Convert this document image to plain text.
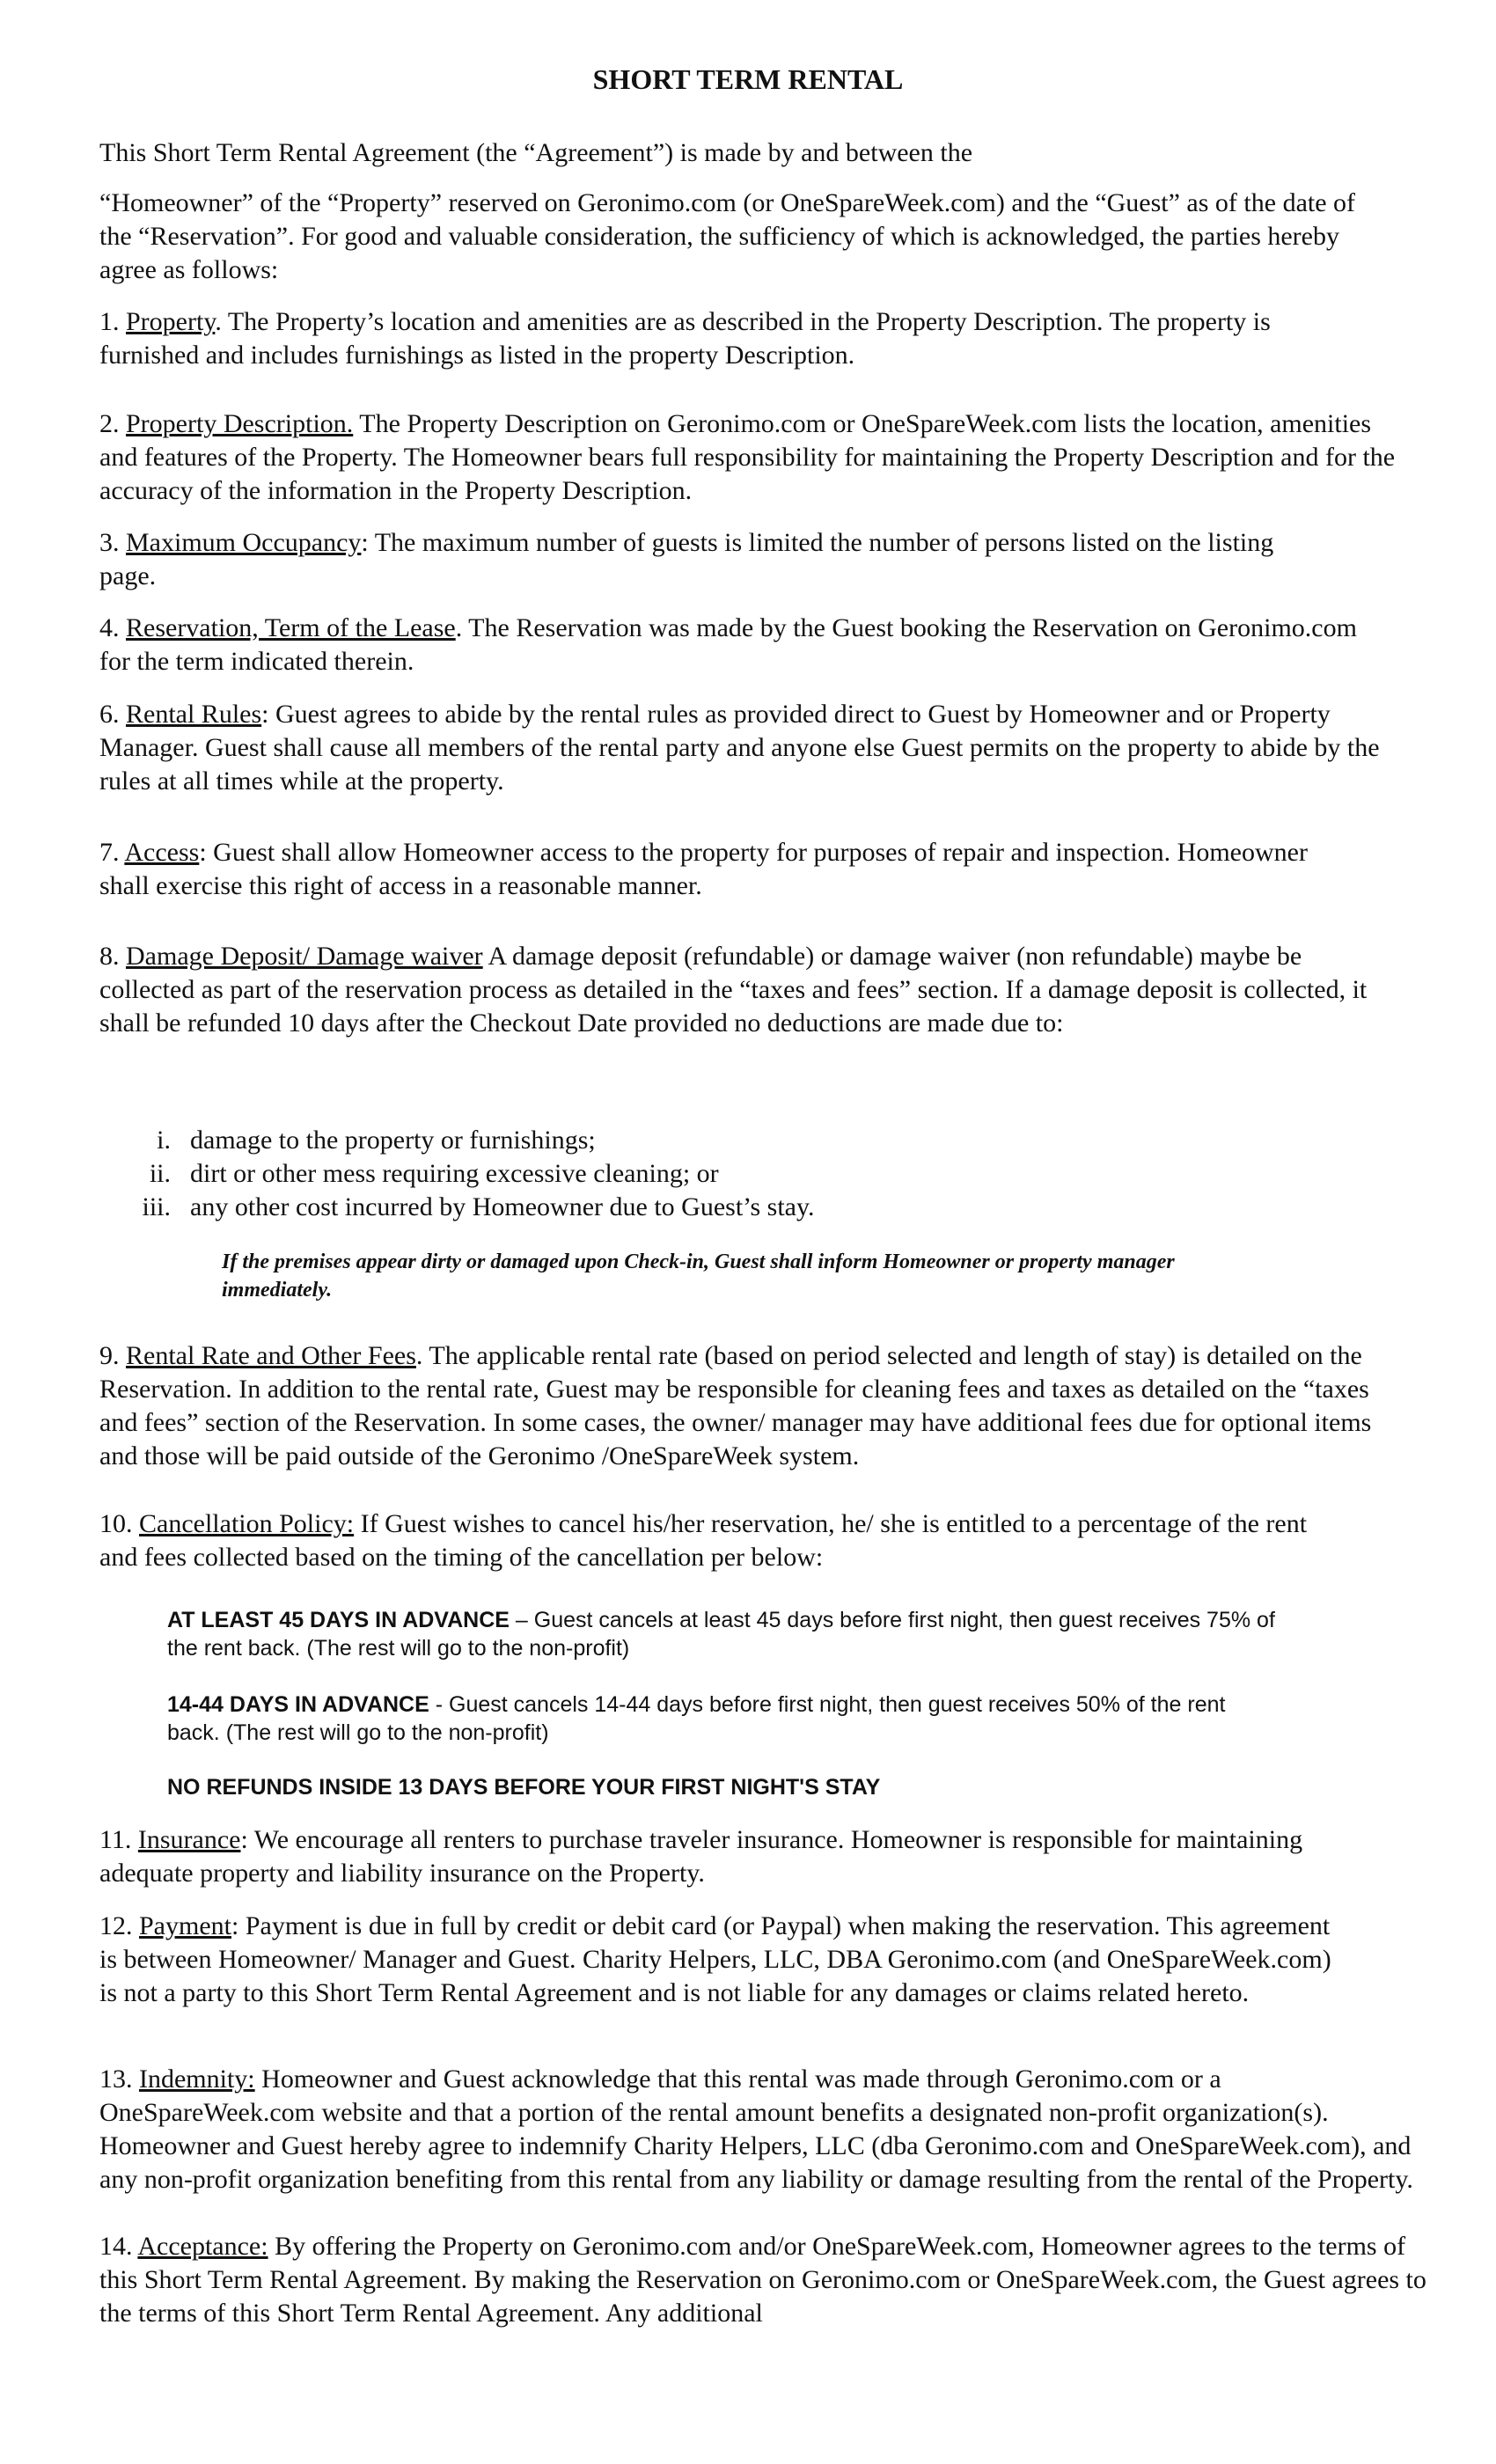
SHORT TERM RENTAL

This Short Term Rental Agreement (the “Agreement”) is made by and between the

“Homeowner” of the “Property” reserved on Geronimo.com (or OneSpareWeek.com) and the “Guest” as of the date of the “Reservation”. For good and valuable consideration, the sufficiency of which is acknowledged, the parties hereby agree as follows:

1. Property. The Property’s location and amenities are as described in the Property Description. The property is furnished and includes furnishings as listed in the property Description.
2. Property Description. The Property Description on Geronimo.com or OneSpareWeek.com lists the location, amenities and features of the Property. The Homeowner bears full responsibility for maintaining the Property Description and for the accuracy of the information in the Property Description.
3. Maximum Occupancy: The maximum number of guests is limited the number of persons listed on the listing page.
4. Reservation, Term of the Lease. The Reservation was made by the Guest booking the Reservation on Geronimo.com for the term indicated therein.
6. Rental Rules: Guest agrees to abide by the rental rules as provided direct to Guest by Homeowner and or Property Manager. Guest shall cause all members of the rental party and anyone else Guest permits on the property to abide by the rules at all times while at the property.
7. Access: Guest shall allow Homeowner access to the property for purposes of repair and inspection. Homeowner shall exercise this right of access in a reasonable manner.
8. Damage Deposit/ Damage waiver A damage deposit (refundable) or damage waiver (non refundable) maybe be collected as part of the reservation process as detailed in the “taxes and fees” section. If a damage deposit is collected, it shall be refunded 10 days after the Checkout Date provided no deductions are made due to:
i. damage to the property or furnishings;
ii. dirt or other mess requiring excessive cleaning; or
iii. any other cost incurred by Homeowner due to Guest’s stay.

If the premises appear dirty or damaged upon Check-in, Guest shall inform Homeowner or property manager immediately.

9. Rental Rate and Other Fees. The applicable rental rate (based on period selected and length of stay) is detailed on the Reservation. In addition to the rental rate, Guest may be responsible for cleaning fees and taxes as detailed on the “taxes and fees” section of the Reservation. In some cases, the owner/ manager may have additional fees due for optional items and those will be paid outside of the Geronimo /OneSpareWeek system.
10. Cancellation Policy: If Guest wishes to cancel his/her reservation, he/ she is entitled to a percentage of the rent and fees collected based on the timing of the cancellation per below:

AT LEAST 45 DAYS IN ADVANCE – Guest cancels at least 45 days before first night, then guest receives 75% of the rent back. (The rest will go to the non-profit)

14-44 DAYS IN ADVANCE - Guest cancels 14-44 days before first night, then guest receives 50% of the rent back. (The rest will go to the non-profit)

NO REFUNDS INSIDE 13 DAYS BEFORE YOUR FIRST NIGHT'S STAY

11. Insurance: We encourage all renters to purchase traveler insurance. Homeowner is responsible for maintaining adequate property and liability insurance on the Property.
12. Payment: Payment is due in full by credit or debit card (or Paypal) when making the reservation. This agreement is between Homeowner/ Manager and Guest. Charity Helpers, LLC, DBA Geronimo.com (and OneSpareWeek.com) is not a party to this Short Term Rental Agreement and is not liable for any damages or claims related hereto.
13. Indemnity: Homeowner and Guest acknowledge that this rental was made through Geronimo.com or a OneSpareWeek.com website and that a portion of the rental amount benefits a designated non-profit organization(s). Homeowner and Guest hereby agree to indemnify Charity Helpers, LLC (dba Geronimo.com and OneSpareWeek.com), and any non-profit organization benefiting from this rental from any liability or damage resulting from the rental of the Property.
14. Acceptance: By offering the Property on Geronimo.com and/or OneSpareWeek.com, Homeowner agrees to the terms of this Short Term Rental Agreement. By making the Reservation on Geronimo.com or OneSpareWeek.com, the Guest agrees to the terms of this Short Term Rental Agreement. Any additional
